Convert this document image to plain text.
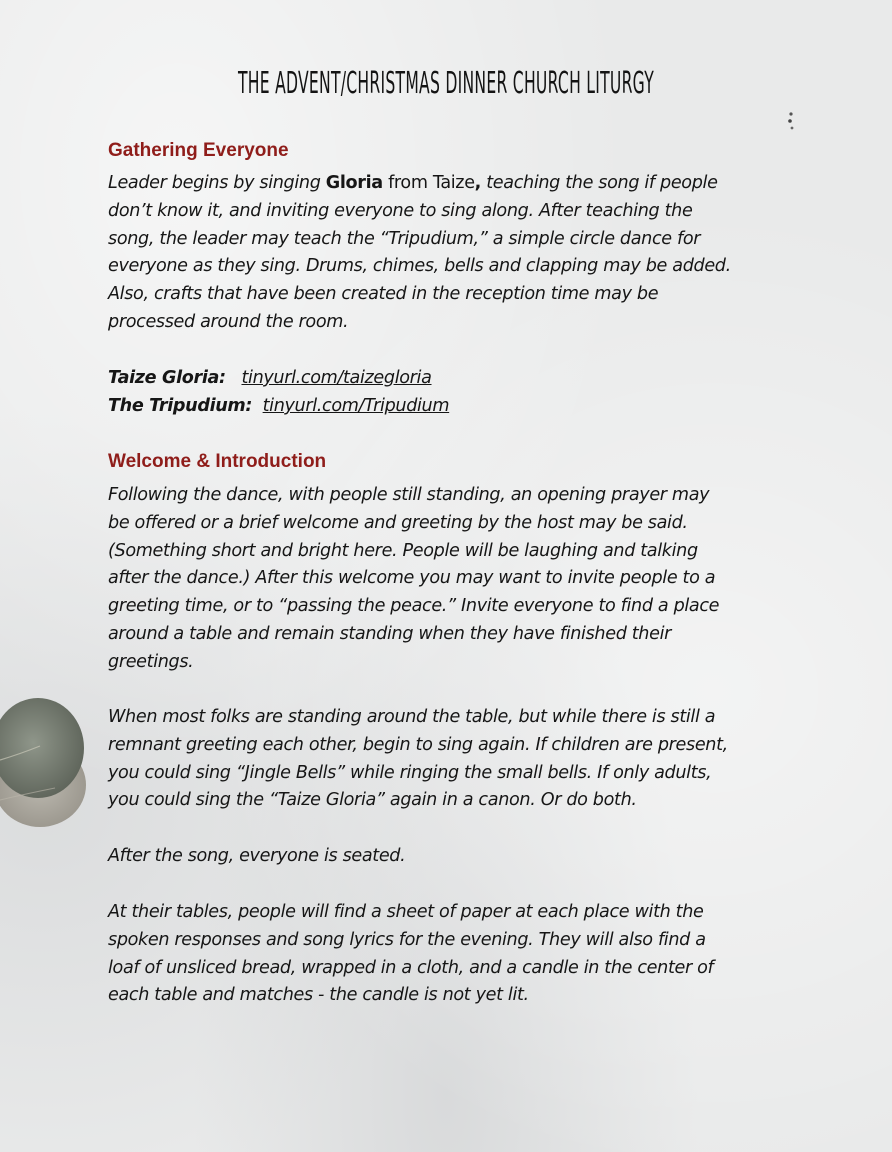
THE ADVENT/CHRISTMAS DINNER CHURCH LITURGY
Gathering Everyone
Leader begins by singing Gloria from Taize, teaching the song if people
don’t know it, and inviting everyone to sing along. After teaching the
song, the leader may teach the “Tripudium,” a simple circle dance for
everyone as they sing. Drums, chimes, bells and clapping may be added.
Also, crafts that have been created in the reception time may be
processed around the room.
Taize Gloria: tinyurl.com/taizegloria
The Tripudium: tinyurl.com/Tripudium
Welcome & Introduction
Following the dance, with people still standing, an opening prayer may
be offered or a brief welcome and greeting by the host may be said.
(Something short and bright here. People will be laughing and talking
after the dance.) After this welcome you may want to invite people to a
greeting time, or to “passing the peace.” Invite everyone to find a place
around a table and remain standing when they have finished their
greetings.
When most folks are standing around the table, but while there is still a
remnant greeting each other, begin to sing again. If children are present,
you could sing “Jingle Bells” while ringing the small bells. If only adults,
you could sing the “Taize Gloria” again in a canon. Or do both.
After the song, everyone is seated.
At their tables, people will find a sheet of paper at each place with the
spoken responses and song lyrics for the evening. They will also find a
loaf of unsliced bread, wrapped in a cloth, and a candle in the center of
each table and matches - the candle is not yet lit.
